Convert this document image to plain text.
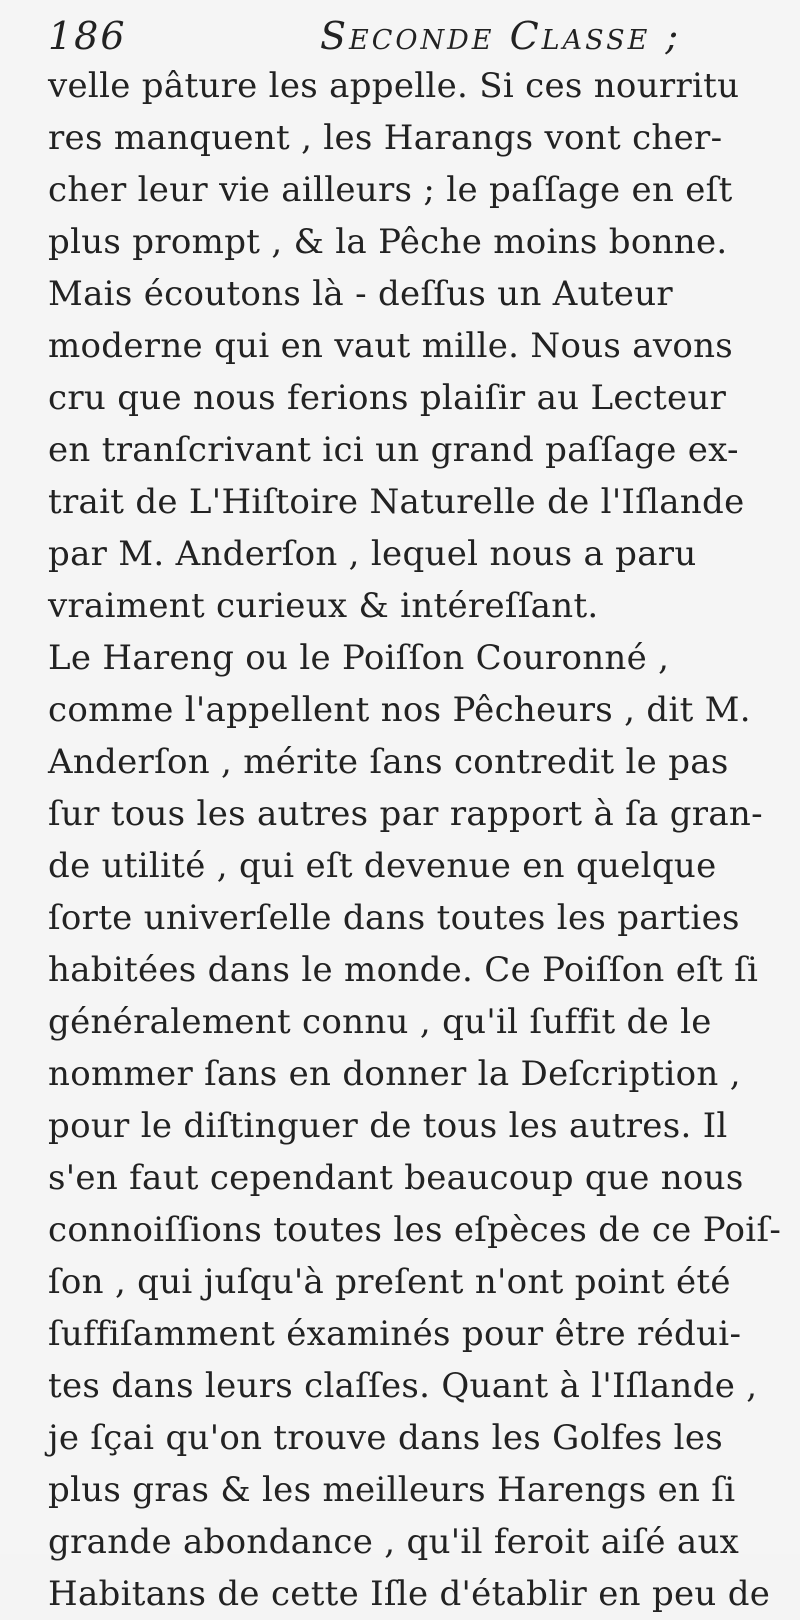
186	Seconde Classe ;
velle pâture les appelle. Si ces nourritu
res manquent , les Harangs vont cher-
cher leur vie ailleurs ; le paſſage en eſt
plus prompt , & la Pêche moins bonne.
Mais écoutons là - deſſus un Auteur
moderne qui en vaut mille. Nous avons
cru que nous ferions plaiſir au Lecteur
en tranſcrivant ici un grand paſſage ex-
trait de L'Hiſtoire Naturelle de l'Iſlande
par M. Anderſon , lequel nous a paru
vraiment curieux & intéreſſant.
Le Hareng ou le Poiſſon Couronné ,
comme l'appellent nos Pêcheurs , dit M.
Anderſon , mérite ſans contredit le pas
ſur tous les autres par rapport à ſa gran-
de utilité , qui eſt devenue en quelque
ſorte univerſelle dans toutes les parties
habitées dans le monde. Ce Poiſſon eſt ſi
généralement connu , qu'il ſuffit de le
nommer ſans en donner la Deſcription ,
pour le diſtinguer de tous les autres. Il
s'en faut cependant beaucoup que nous
connoiſſions toutes les eſpèces de ce Poiſ-
ſon , qui juſqu'à preſent n'ont point été
ſuffiſamment éxaminés pour être rédui-
tes dans leurs claſſes. Quant à l'Iſlande ,
je ſçai qu'on trouve dans les Golfes les
plus gras & les meilleurs Harengs en ſi
grande abondance , qu'il feroit aiſé aux
Habitans de cette Iſle d'établir en peu de
